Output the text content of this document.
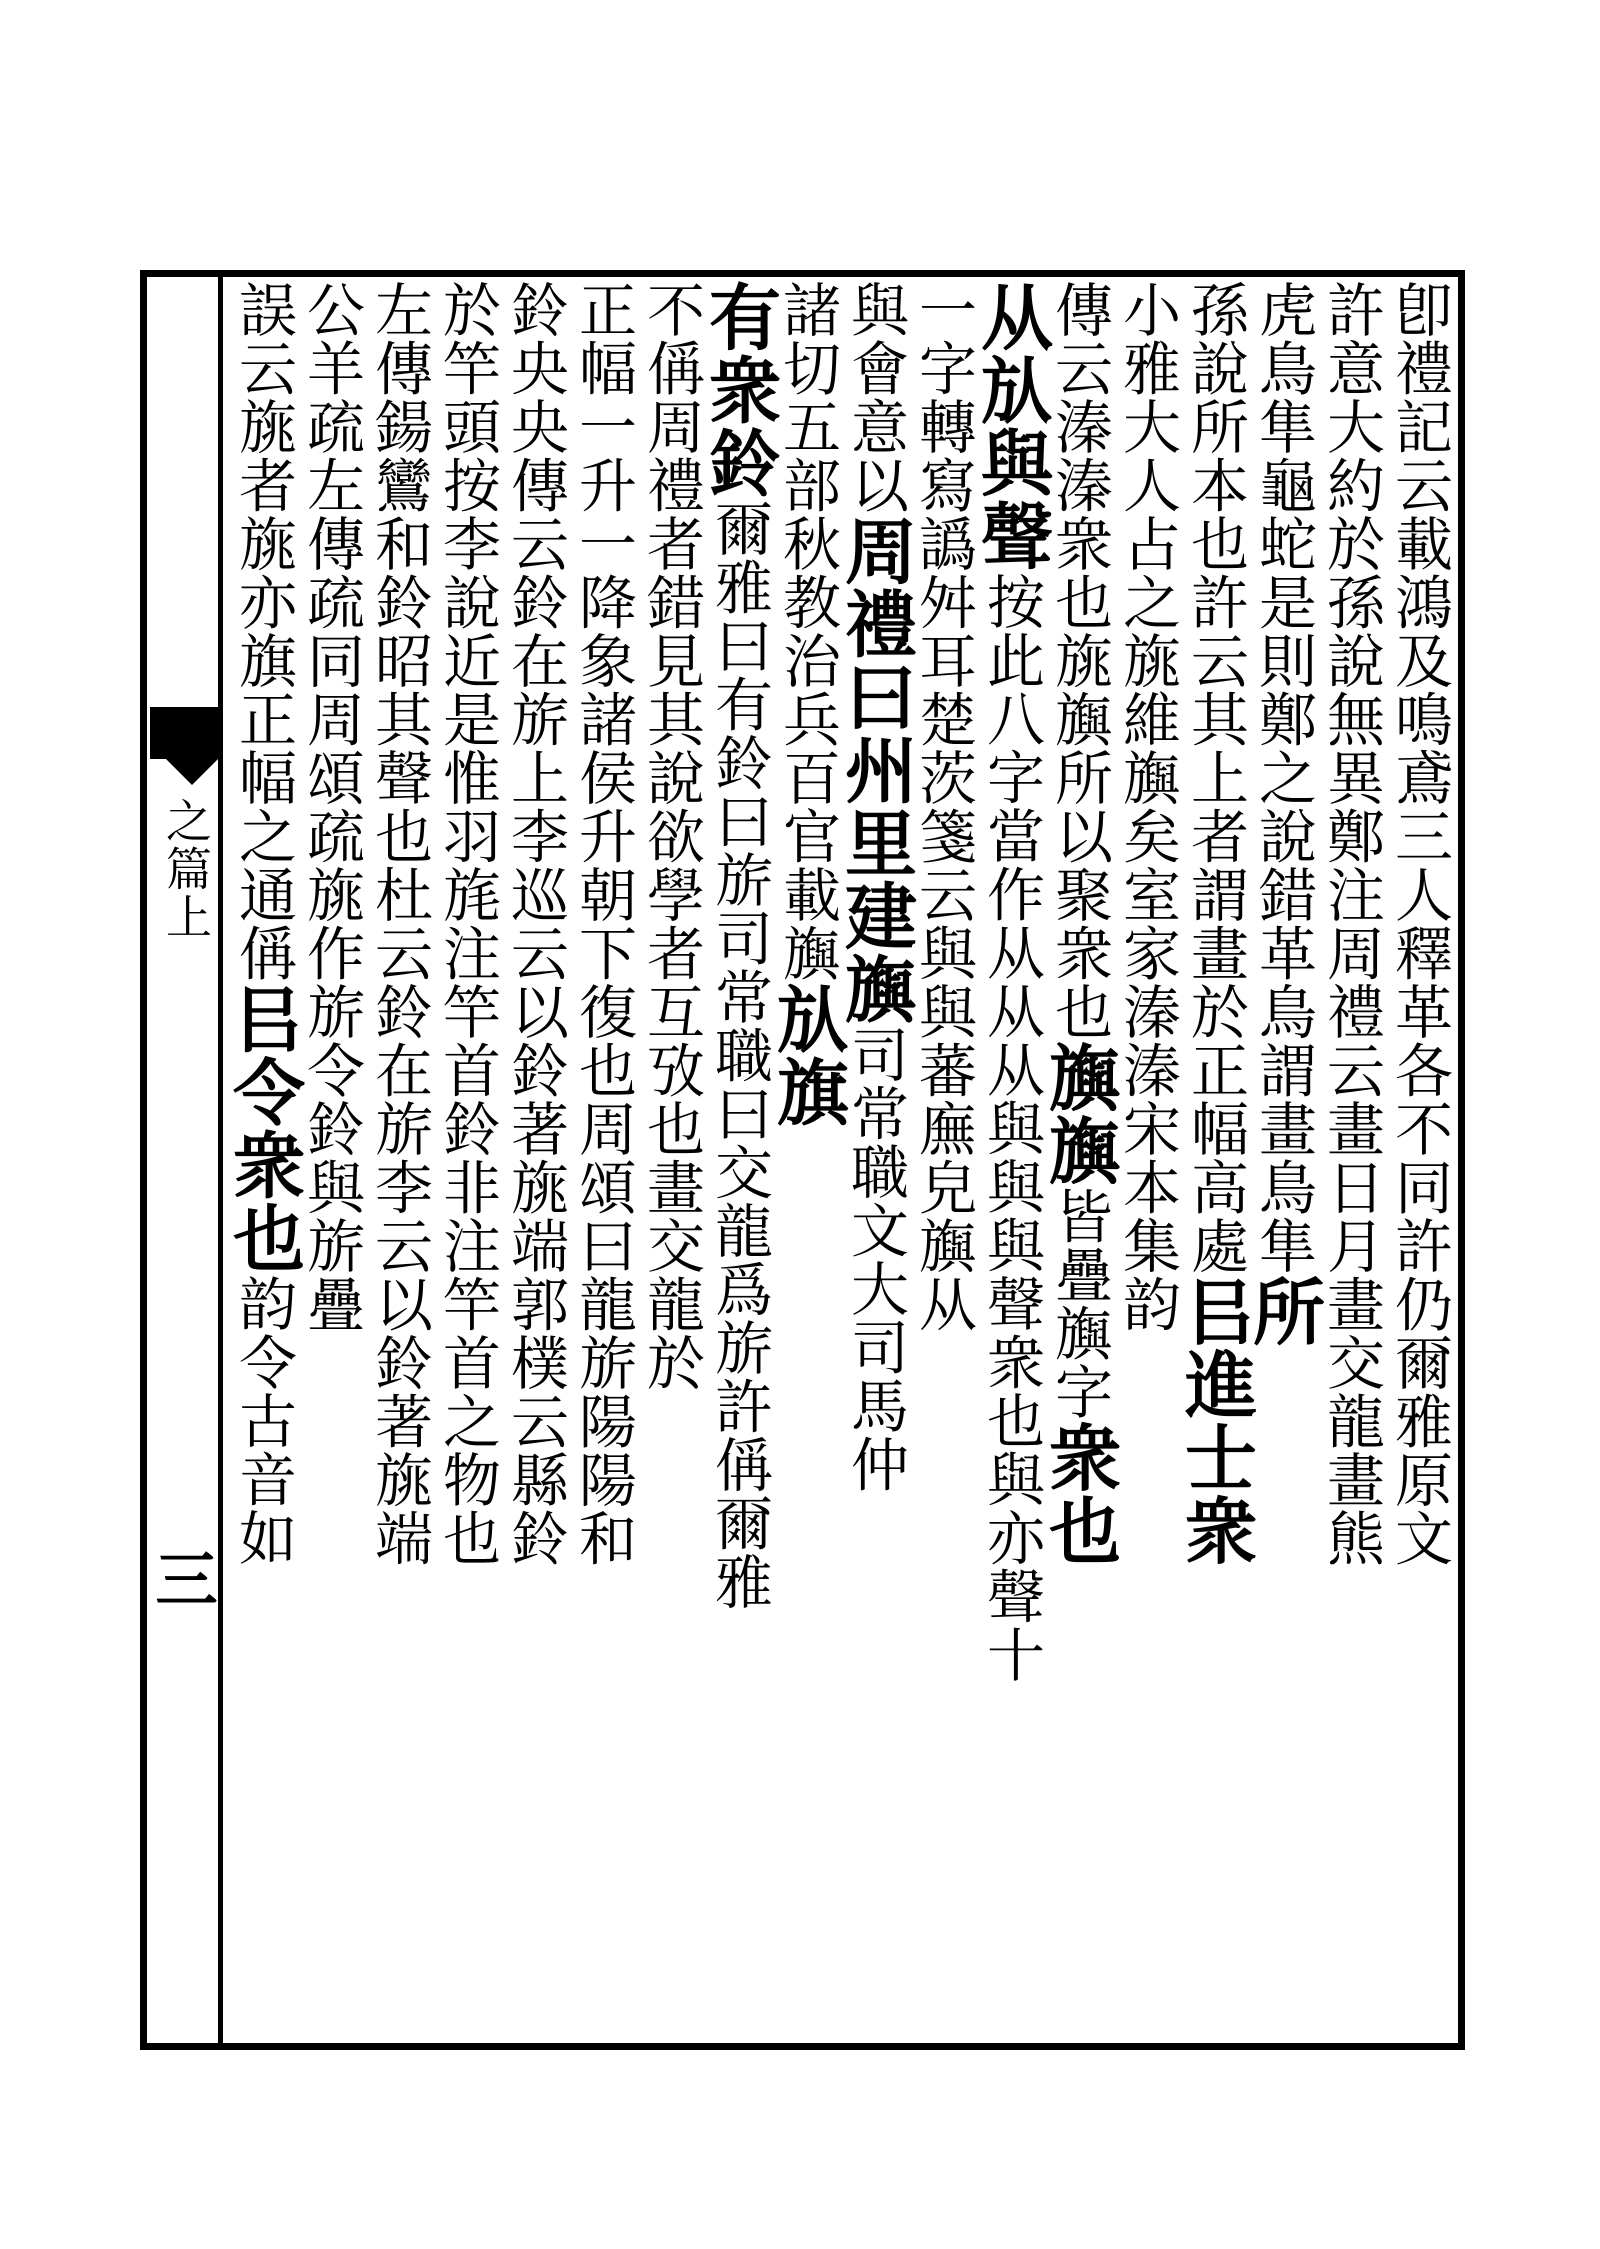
之篇上
三
卽禮記云載鴻及鳴鳶三人釋革各不同許仍爾雅原文
許意大約於孫說無異鄭注周禮云畫日月畫交龍畫熊
虎鳥隼龜蛇是則鄭之說錯革鳥謂畫鳥隼所
孫說所本也許云其上者謂畫於正幅高處㠯進士衆
小雅大人占之旐維旟矣室家溱溱宋本集韵
傳云溱溱衆也旐旟所以聚衆也旟旟皆疊旟字衆也
从㫃與聲按此八字當作从从从與與與聲衆也與亦聲十
一字轉寫譌舛耳楚茨箋云與與蕃廡皃旟从
與會意以周禮曰州里建旟司常職文大司馬仲
諸切五部秋教治兵百官載旟㫃旗
有衆鈴爾雅曰有鈴曰旂司常職曰交龍爲旂許偁爾雅
不偁周禮者錯見其說欲學者互攷也畫交龍於
正幅一升一降象諸侯升朝下復也周頌曰龍旂陽陽和
鈴央央傳云鈴在旂上李巡云以鈴著旐端郭樸云縣鈴
於竿頭按李說近是惟羽旄注竿首鈴非注竿首之物也
左傳鍚鸞和鈴昭其聲也杜云鈴在旂李云以鈴著旐端
公羊疏左傳疏同周頌疏旐作旂令鈴與旂疊
誤云旐者旐亦旗正幅之通偁㠯令衆也韵令古音如
